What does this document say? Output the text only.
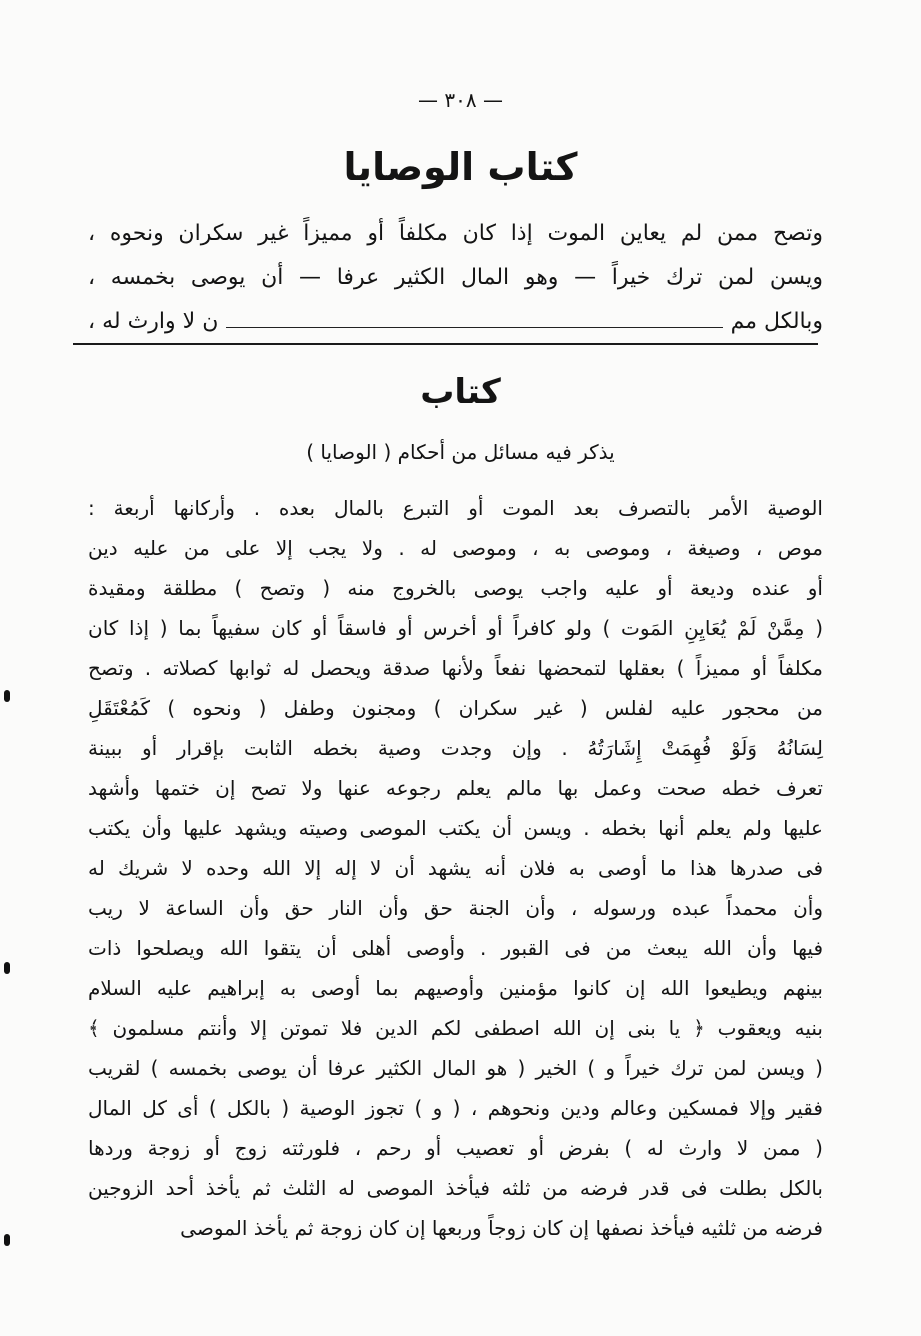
— ٣٠٨ —
كتاب الوصايا
وتصح ممن لم يعاين الموت إذا كان مكلفاً أو مميزاً غير سكران ونحوه ،
ويسن لمن ترك خيراً — وهو المال الكثير عرفا — أن يوصى بخمسه ،
وبالكل مم
ن لا وارث له ،
كتاب
يذكر فيه مسائل من أحكام ( الوصايا )
الوصية الأمر بالتصرف بعد الموت أو التبرع بالمال بعده . وأركانها أربعة :
موص ، وصيغة ، وموصى به ، وموصى له . ولا يجب إلا على من عليه دين
أو عنده وديعة أو عليه واجب يوصى بالخروج منه ( وتصح ) مطلقة ومقيدة
( مِمَّنْ لَمْ يُعَايِنِ المَوت ) ولو كافراً أو أخرس أو فاسقاً أو كان سفيهاً بما ( إذا كان
مكلفاً أو مميزاً ) بعقلها لتمحضها نفعاً ولأنها صدقة ويحصل له ثوابها كصلاته . وتصح
من محجور عليه لفلس ( غير سكران ) ومجنون وطفل ( ونحوه ) كَمُعْتَقَلِ
لِسَانُهُ وَلَوْ فُهِمَتْ إِشَارَتُهُ . وإن وجدت وصية بخطه الثابت بإقرار أو ببينة
تعرف خطه صحت وعمل بها مالم يعلم رجوعه عنها ولا تصح إن ختمها وأشهد
عليها ولم يعلم أنها بخطه . ويسن أن يكتب الموصى وصيته ويشهد عليها وأن يكتب
فى صدرها هذا ما أوصى به فلان أنه يشهد أن لا إله إلا الله وحده لا شريك له
وأن محمداً عبده ورسوله ، وأن الجنة حق وأن النار حق وأن الساعة لا ريب
فيها وأن الله يبعث من فى القبور . وأوصى أهلى أن يتقوا الله ويصلحوا ذات
بينهم ويطيعوا الله إن كانوا مؤمنين وأوصيهم بما أوصى به إبراهيم عليه السلام
بنيه ويعقوب ﴿ يا بنى إن الله اصطفى لكم الدين فلا تموتن إلا وأنتم مسلمون ﴾
( ويسن لمن ترك خيراً و ) الخير ( هو المال الكثير عرفا أن يوصى بخمسه ) لقريب
فقير وإلا فمسكين وعالم ودين ونحوهم ، ( و ) تجوز الوصية ( بالكل ) أى كل المال
( ممن لا وارث له ) بفرض أو تعصيب أو رحم ، فلورثته زوج أو زوجة وردها
بالكل بطلت فى قدر فرضه من ثلثه فيأخذ الموصى له الثلث ثم يأخذ أحد الزوجين
فرضه من ثلثيه فيأخذ نصفها إن كان زوجاً وربعها إن كان زوجة ثم يأخذ الموصى
